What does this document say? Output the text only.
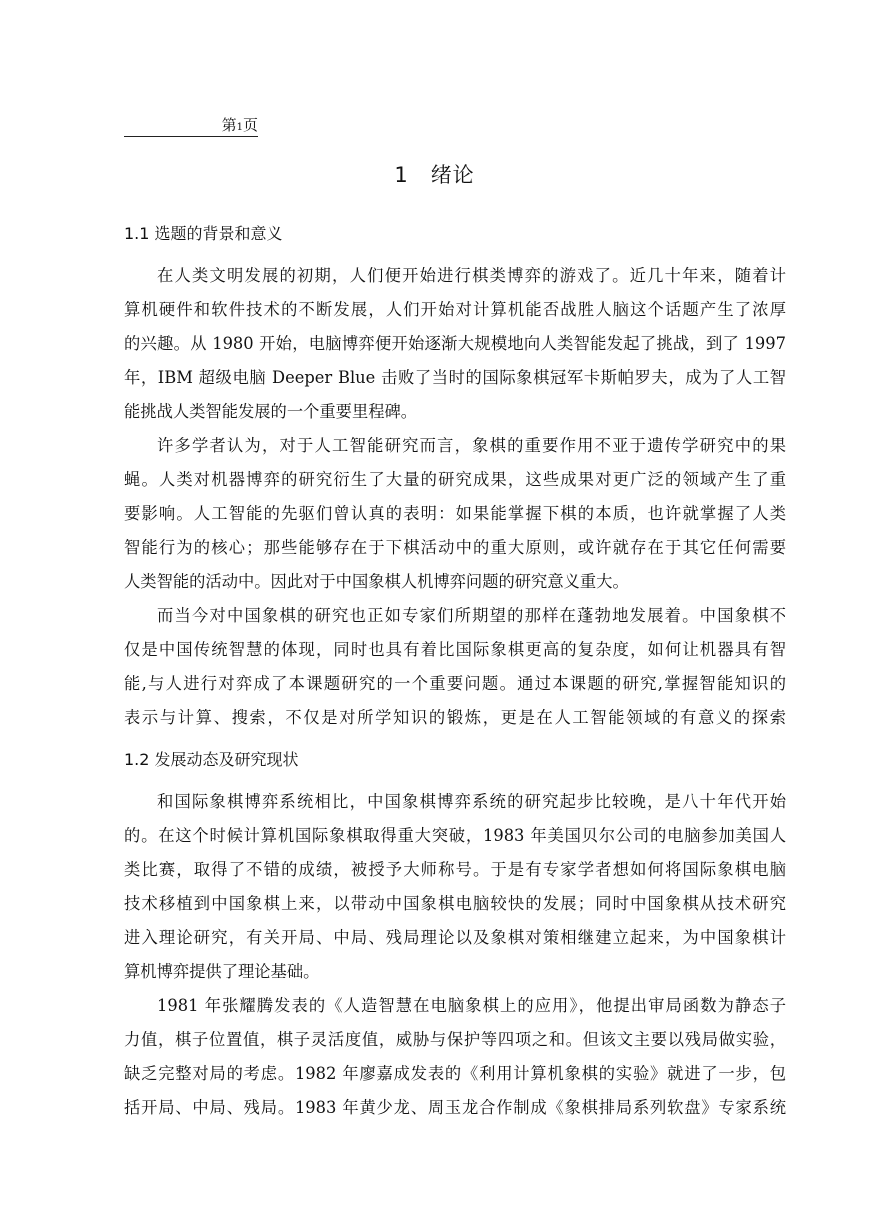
第1页
1 绪论
1.1 选题的背景和意义
在人类文明发展的初期，人们便开始进行棋类博弈的游戏了。近几十年来，随着计
算机硬件和软件技术的不断发展，人们开始对计算机能否战胜人脑这个话题产生了浓厚
的兴趣。从 1980 开始，电脑博弈便开始逐渐大规模地向人类智能发起了挑战，到了 1997
年，IBM 超级电脑 Deeper Blue 击败了当时的国际象棋冠军卡斯帕罗夫，成为了人工智
能挑战人类智能发展的一个重要里程碑。
许多学者认为，对于人工智能研究而言，象棋的重要作用不亚于遗传学研究中的果
蝇。人类对机器博弈的研究衍生了大量的研究成果，这些成果对更广泛的领域产生了重
要影响。人工智能的先驱们曾认真的表明：如果能掌握下棋的本质，也许就掌握了人类
智能行为的核心；那些能够存在于下棋活动中的重大原则，或许就存在于其它任何需要
人类智能的活动中。因此对于中国象棋人机博弈问题的研究意义重大。
而当今对中国象棋的研究也正如专家们所期望的那样在蓬勃地发展着。中国象棋不
仅是中国传统智慧的体现，同时也具有着比国际象棋更高的复杂度，如何让机器具有智
能,与人进行对弈成了本课题研究的一个重要问题。通过本课题的研究,掌握智能知识的
表示与计算、搜索，不仅是对所学知识的锻炼，更是在人工智能领域的有意义的探索
1.2 发展动态及研究现状
和国际象棋博弈系统相比，中国象棋博弈系统的研究起步比较晚，是八十年代开始
的。在这个时候计算机国际象棋取得重大突破，1983 年美国贝尔公司的电脑参加美国人
类比赛，取得了不错的成绩，被授予大师称号。于是有专家学者想如何将国际象棋电脑
技术移植到中国象棋上来，以带动中国象棋电脑较快的发展；同时中国象棋从技术研究
进入理论研究，有关开局、中局、残局理论以及象棋对策相继建立起来，为中国象棋计
算机博弈提供了理论基础。
1981 年张耀腾发表的《人造智慧在电脑象棋上的应用》，他提出审局函数为静态子
力值，棋子位置值，棋子灵活度值，威胁与保护等四项之和。但该文主要以残局做实验，
缺乏完整对局的考虑。1982 年廖嘉成发表的《利用计算机象棋的实验》就进了一步，包
括开局、中局、残局。1983 年黄少龙、周玉龙合作制成《象棋排局系列软盘》专家系统
